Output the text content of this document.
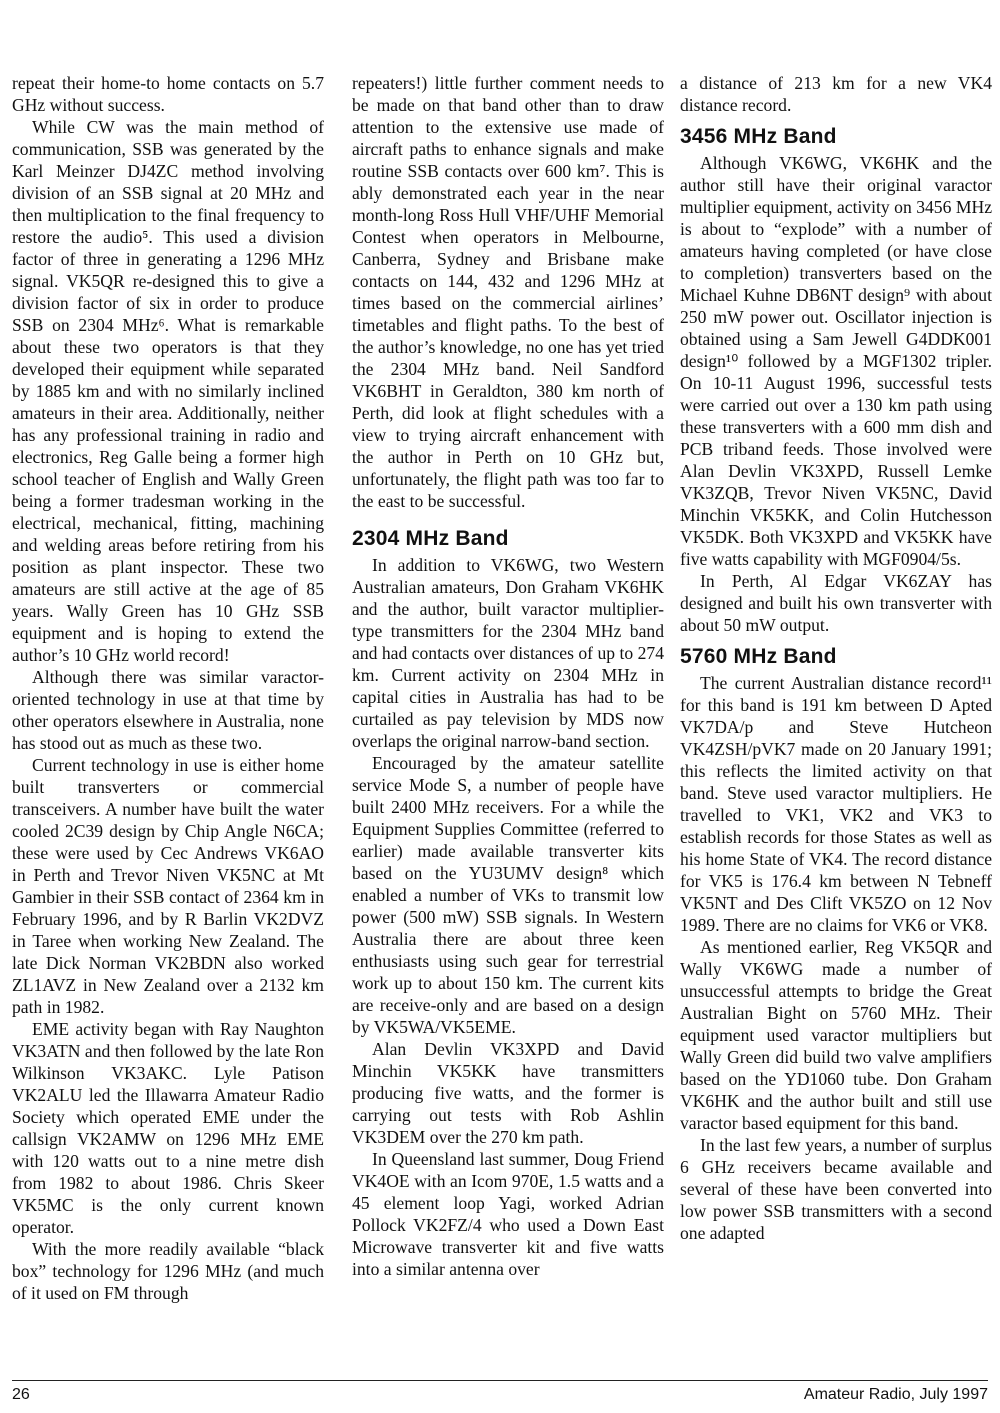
repeat their home-to home contacts on 5.7 GHz without success.

While CW was the main method of communication, SSB was generated by the Karl Meinzer DJ4ZC method involving division of an SSB signal at 20 MHz and then multiplication to the final frequency to restore the audio⁵. This used a division factor of three in generating a 1296 MHz signal. VK5QR re-designed this to give a division factor of six in order to produce SSB on 2304 MHz⁶. What is remarkable about these two operators is that they developed their equipment while separated by 1885 km and with no similarly inclined amateurs in their area. Additionally, neither has any professional training in radio and electronics, Reg Galle being a former high school teacher of English and Wally Green being a former tradesman working in the electrical, mechanical, fitting, machining and welding areas before retiring from his position as plant inspector. These two amateurs are still active at the age of 85 years. Wally Green has 10 GHz SSB equipment and is hoping to extend the author’s 10 GHz world record!

Although there was similar varactor-oriented technology in use at that time by other operators elsewhere in Australia, none has stood out as much as these two.

Current technology in use is either home built transverters or commercial transceivers. A number have built the water cooled 2C39 design by Chip Angle N6CA; these were used by Cec Andrews VK6AO in Perth and Trevor Niven VK5NC at Mt Gambier in their SSB contact of 2364 km in February 1996, and by R Barlin VK2DVZ in Taree when working New Zealand. The late Dick Norman VK2BDN also worked ZL1AVZ in New Zealand over a 2132 km path in 1982.

EME activity began with Ray Naughton VK3ATN and then followed by the late Ron Wilkinson VK3AKC. Lyle Patison VK2ALU led the Illawarra Amateur Radio Society which operated EME under the callsign VK2AMW on 1296 MHz EME with 120 watts out to a nine metre dish from 1982 to about 1986. Chris Skeer VK5MC is the only current known operator.

With the more readily available “black box” technology for 1296 MHz (and much of it used on FM through

repeaters!) little further comment needs to be made on that band other than to draw attention to the extensive use made of aircraft paths to enhance signals and make routine SSB contacts over 600 km⁷. This is ably demonstrated each year in the near month-long Ross Hull VHF/UHF Memorial Contest when operators in Melbourne, Canberra, Sydney and Brisbane make contacts on 144, 432 and 1296 MHz at times based on the commercial airlines’ timetables and flight paths. To the best of the author’s knowledge, no one has yet tried the 2304 MHz band. Neil Sandford VK6BHT in Geraldton, 380 km north of Perth, did look at flight schedules with a view to trying aircraft enhancement with the author in Perth on 10 GHz but, unfortunately, the flight path was too far to the east to be successful.

2304 MHz Band

In addition to VK6WG, two Western Australian amateurs, Don Graham VK6HK and the author, built varactor multiplier-type transmitters for the 2304 MHz band and had contacts over distances of up to 274 km. Current activity on 2304 MHz in capital cities in Australia has had to be curtailed as pay television by MDS now overlaps the original narrow-band section.

Encouraged by the amateur satellite service Mode S, a number of people have built 2400 MHz receivers. For a while the Equipment Supplies Committee (referred to earlier) made available transverter kits based on the YU3UMV design⁸ which enabled a number of VKs to transmit low power (500 mW) SSB signals. In Western Australia there are about three keen enthusiasts using such gear for terrestrial work up to about 150 km. The current kits are receive-only and are based on a design by VK5WA/VK5EME.

Alan Devlin VK3XPD and David Minchin VK5KK have transmitters producing five watts, and the former is carrying out tests with Rob Ashlin VK3DEM over the 270 km path.

In Queensland last summer, Doug Friend VK4OE with an Icom 970E, 1.5 watts and a 45 element loop Yagi, worked Adrian Pollock VK2FZ/4 who used a Down East Microwave transverter kit and five watts into a similar antenna over

a distance of 213 km for a new VK4 distance record.

3456 MHz Band

Although VK6WG, VK6HK and the author still have their original varactor multiplier equipment, activity on 3456 MHz is about to “explode” with a number of amateurs having completed (or have close to completion) transverters based on the Michael Kuhne DB6NT design⁹ with about 250 mW power out. Oscillator injection is obtained using a Sam Jewell G4DDK001 design¹⁰ followed by a MGF1302 tripler. On 10-11 August 1996, successful tests were carried out over a 130 km path using these transverters with a 600 mm dish and PCB triband feeds. Those involved were Alan Devlin VK3XPD, Russell Lemke VK3ZQB, Trevor Niven VK5NC, David Minchin VK5KK, and Colin Hutchesson VK5DK. Both VK3XPD and VK5KK have five watts capability with MGF0904/5s.

In Perth, Al Edgar VK6ZAY has designed and built his own transverter with about 50 mW output.

5760 MHz Band

The current Australian distance record¹¹ for this band is 191 km between D Apted VK7DA/p and Steve Hutcheon VK4ZSH/pVK7 made on 20 January 1991; this reflects the limited activity on that band. Steve used varactor multipliers. He travelled to VK1, VK2 and VK3 to establish records for those States as well as his home State of VK4. The record distance for VK5 is 176.4 km between N Tebneff VK5NT and Des Clift VK5ZO on 12 Nov 1989. There are no claims for VK6 or VK8.

As mentioned earlier, Reg VK5QR and Wally VK6WG made a number of unsuccessful attempts to bridge the Great Australian Bight on 5760 MHz. Their equipment used varactor multipliers but Wally Green did build two valve amplifiers based on the YD1060 tube. Don Graham VK6HK and the author built and still use varactor based equipment for this band.

In the last few years, a number of surplus 6 GHz receivers became available and several of these have been converted into low power SSB transmitters with a second one adapted

26	Amateur Radio, July 1997
